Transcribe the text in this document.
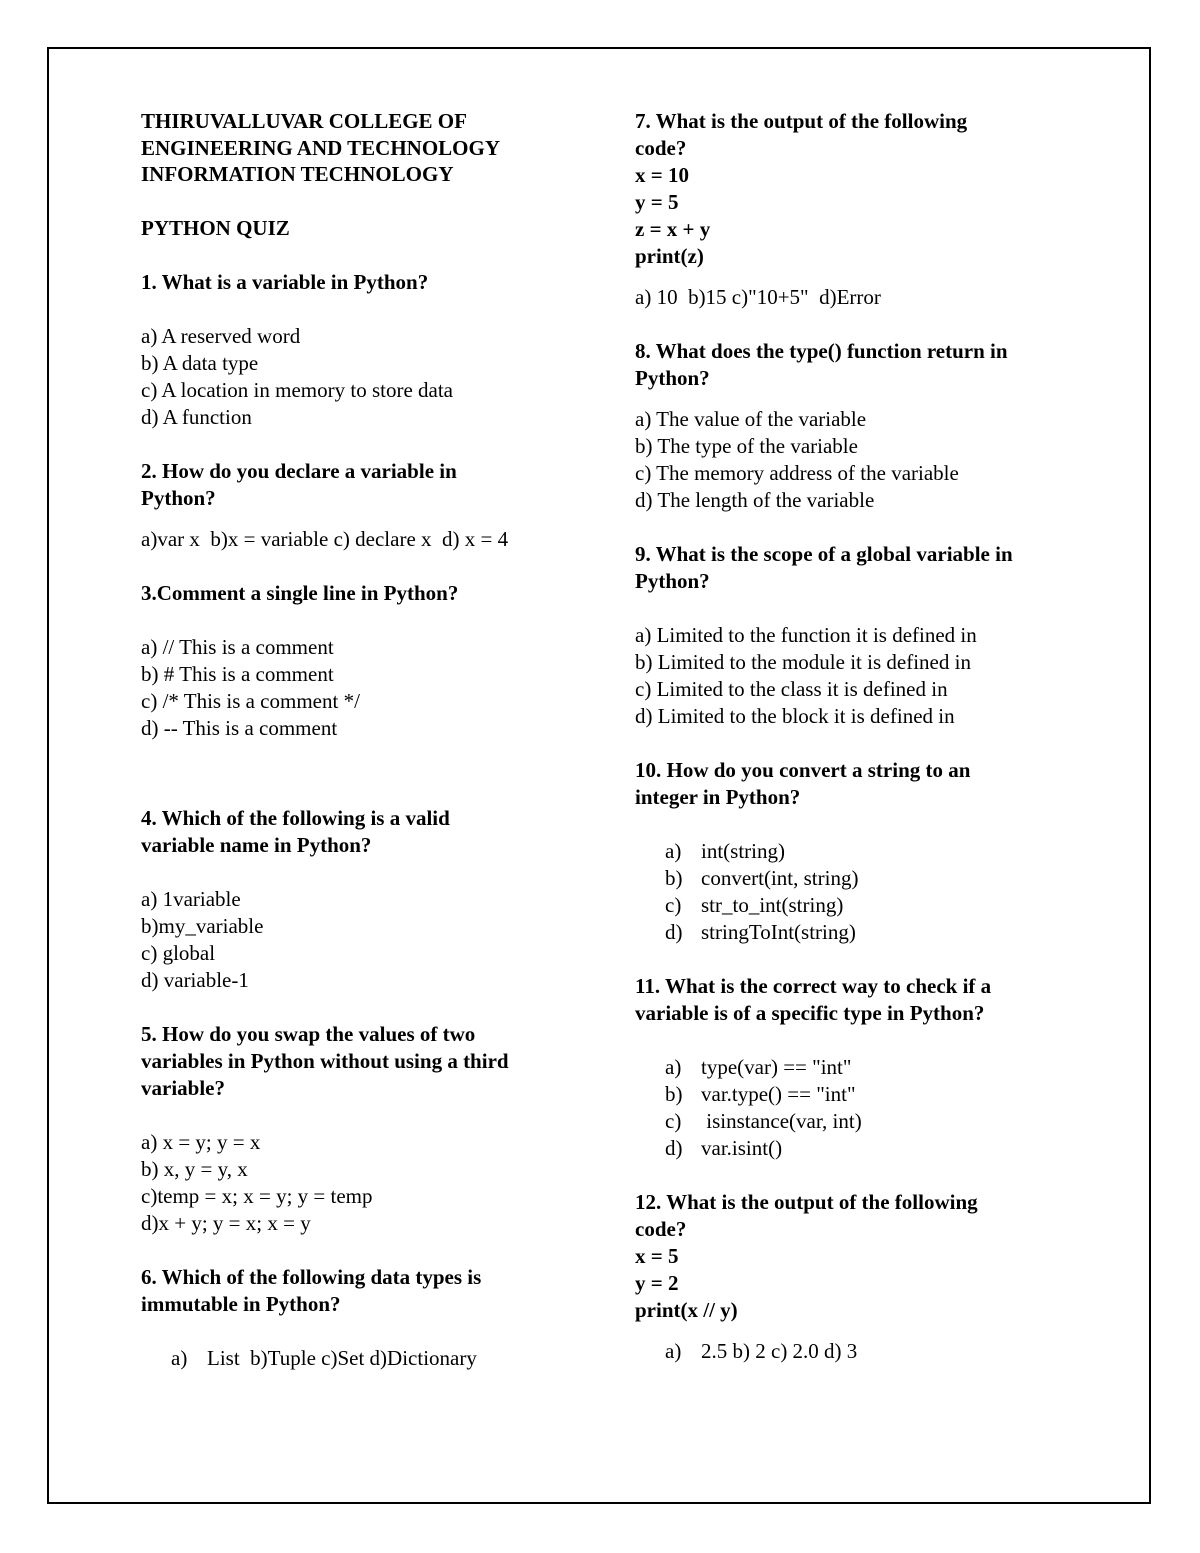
THIRUVALLUVAR COLLEGE OF

ENGINEERING AND TECHNOLOGY

INFORMATION TECHNOLOGY

PYTHON QUIZ

1. What is a variable in Python?

a) A reserved word

b) A data type

c) A location in memory to store data

d) A function

2. How do you declare a variable in

Python?

a)var x  b)x = variable c) declare x  d) x = 4

3.Comment a single line in Python?

a) // This is a comment

b) # This is a comment

c) /* This is a comment */

d) -- This is a comment

4. Which of the following is a valid

variable name in Python?

a) 1variable

b)my_variable

c) global

d) variable-1

5. How do you swap the values of two

variables in Python without using a third

variable?

a) x = y; y = x

b) x, y = y, x

c)temp = x; x = y; y = temp

d)x + y; y = x; x = y

6. Which of the following data types is

immutable in Python?

a) List  b)Tuple c)Set d)Dictionary

7. What is the output of the following

code?

x = 10

y = 5

z = x + y

print(z)

a) 10  b)15 c)"10+5"  d)Error

8. What does the type() function return in

Python?

a) The value of the variable

b) The type of the variable

c) The memory address of the variable

d) The length of the variable

9. What is the scope of a global variable in

Python?

a) Limited to the function it is defined in

b) Limited to the module it is defined in

c) Limited to the class it is defined in

d) Limited to the block it is defined in

10. How do you convert a string to an

integer in Python?

a) int(string)
b) convert(int, string)
c) str_to_int(string)
d) stringToInt(string)

11. What is the correct way to check if a

variable is of a specific type in Python?

a) type(var) == "int"
b) var.type() == "int"
c) isinstance(var, int)
d) var.isint()

12. What is the output of the following

code?

x = 5

y = 2

print(x // y)

a) 2.5 b) 2 c) 2.0 d) 3
